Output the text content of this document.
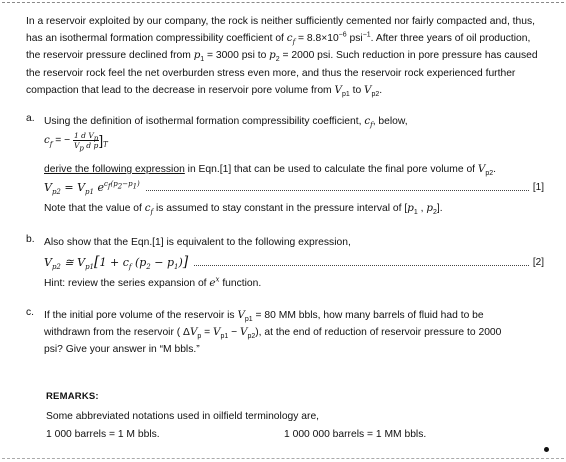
In a reservoir exploited by our company, the rock is neither sufficiently cemented nor fairly compacted and, thus, has an isothermal formation compressibility coefficient of $c_f = 8.8\times 10^{-6}$ psi$^{-1}$. After three years of oil production, the reservoir pressure declined from $p_1 = 3000$ psi to $p_2 = 2000$ psi. Such reduction in pore pressure has caused the reservoir rock feel the net overburden stress even more, and thus the reservoir rock experienced further compaction that lead to the decrease in reservoir pore volume from $V_{p1}$ to $V_{p2}$.
a. Using the definition of isothermal formation compressibility coefficient, $c_f$, below,
$c_f$ = − $\frac{1 d V_p}{V_p d p} ]_T$
derive the following expression in Eqn.[1] that can be used to calculate the final pore volume of $V_{p2}$.
$V_{p2} = V_{p1}$ $e^{c_f(p_2-p_1)}$	[1]
Note that the value of $c_f$ is assumed to stay constant in the pressure interval of [$p_1$ , $p_2$].
b. Also show that the Eqn.[1] is equivalent to the following expression,
$V_{p2}$ ≅ $V_{p1}[1 + c_f$ $(p_2 - p_1)$]	[2]
Hint: review the series expansion of $e^x$ function.
c. If the initial pore volume of the reservoir is $V_{p1} = 80$ MM bbls, how many barrels of fluid had to be
withdrawn from the reservoir ( $\Delta V_p = V_{p1} - V_{p2}$), at the end of reduction of reservoir pressure to 2000
psi? Give your answer in “M bbls.”
REMARKS:
Some abbreviated notations used in oilfield terminology are,
1 000 barrels = 1 M bbls.	1 000 000 barrels = 1 MM bbls.
